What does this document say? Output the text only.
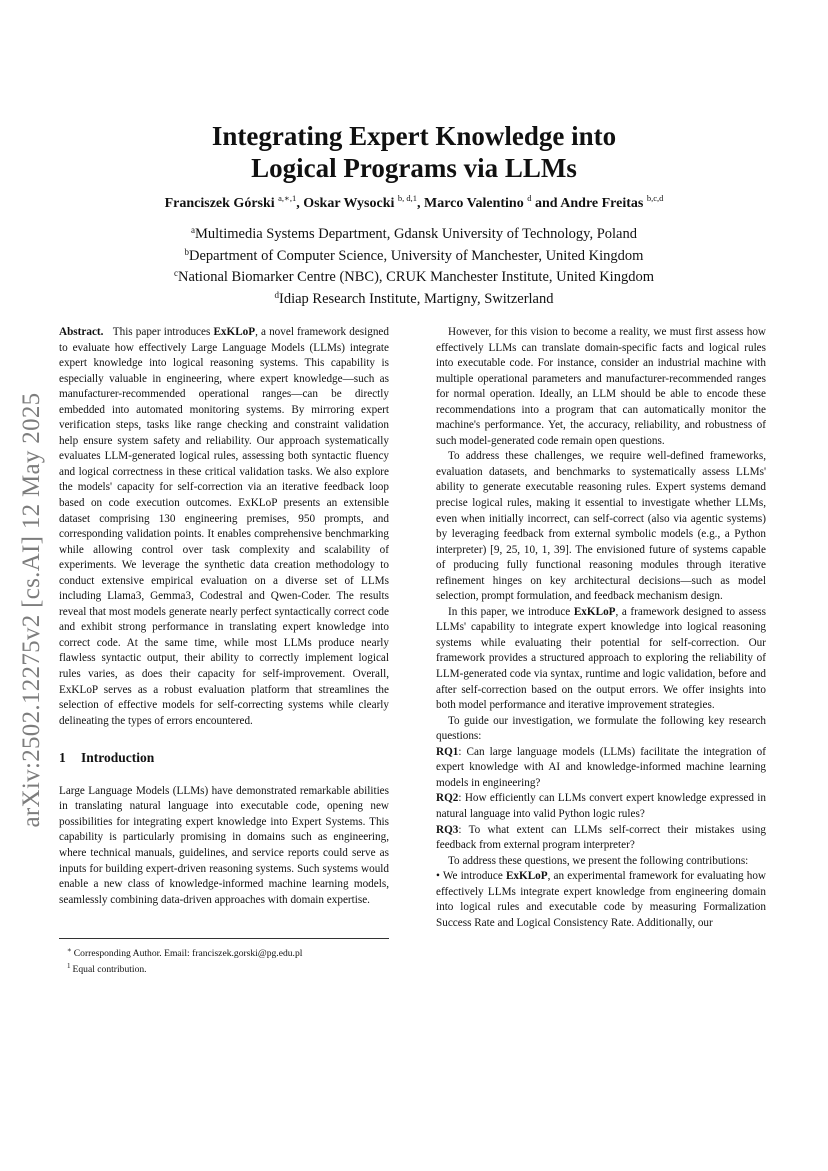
arXiv:2502.12275v2 [cs.AI] 12 May 2025
Integrating Expert Knowledge into
Logical Programs via LLMs
Franciszek Górski $^{a,∗,1}$, Oskar Wysocki $^{b, d,1}$, Marco Valentino $^d$ and Andre Freitas $^{b,c,d}$
$^a$Multimedia Systems Department, Gdansk University of Technology, Poland
$^b$Department of Computer Science, University of Manchester, United Kingdom
$^c$National Biomarker Centre (NBC), CRUK Manchester Institute, United Kingdom
$^d$Idiap Research Institute, Martigny, Switzerland

Abstract. This paper introduces ExKLoP, a novel framework designed to evaluate how effectively Large Language Models (LLMs) integrate expert knowledge into logical reasoning systems. This capability is especially valuable in engineering, where expert knowledge—such as manufacturer-recommended operational ranges—can be directly embedded into automated monitoring systems. By mirroring expert verification steps, tasks like range checking and constraint validation help ensure system safety and reliability. Our approach systematically evaluates LLM-generated logical rules, assessing both syntactic fluency and logical correctness in these critical validation tasks. We also explore the models' capacity for self-correction via an iterative feedback loop based on code execution outcomes. ExKLoP presents an extensible dataset comprising 130 engineering premises, 950 prompts, and corresponding validation points. It enables comprehensive benchmarking while allowing control over task complexity and scalability of experiments. We leverage the synthetic data creation methodology to conduct extensive empirical evaluation on a diverse set of LLMs including Llama3, Gemma3, Codestral and Qwen-Coder. The results reveal that most models generate nearly perfect syntactically correct code and exhibit strong performance in translating expert knowledge into correct code. At the same time, while most LLMs produce nearly flawless syntactic output, their ability to correctly implement logical rules varies, as does their capacity for self-improvement. Overall, ExKLoP serves as a robust evaluation platform that streamlines the selection of effective models for self-correcting systems while clearly delineating the types of errors encountered.

1 Introduction

Large Language Models (LLMs) have demonstrated remarkable abilities in translating natural language into executable code, opening new possibilities for integrating expert knowledge into Expert Systems. This capability is particularly promising in domains such as engineering, where technical manuals, guidelines, and service reports could serve as inputs for building expert-driven reasoning systems. Such systems would enable a new class of knowledge-informed machine learning models, seamlessly combining data-driven approaches with domain expertise.

∗ Corresponding Author. Email: franciszek.gorski@pg.edu.pl

$^1$ Equal contribution.

However, for this vision to become a reality, we must first assess how effectively LLMs can translate domain-specific facts and logical rules into executable code. For instance, consider an industrial machine with multiple operational parameters and manufacturer-recommended ranges for normal operation. Ideally, an LLM should be able to encode these recommendations into a program that can automatically monitor the machine's performance. Yet, the accuracy, reliability, and robustness of such model-generated code remain open questions.

To address these challenges, we require well-defined frameworks, evaluation datasets, and benchmarks to systematically assess LLMs' ability to generate executable reasoning rules. Expert systems demand precise logical rules, making it essential to investigate whether LLMs, even when initially incorrect, can self-correct (also via agentic systems) by leveraging feedback from external symbolic models (e.g., a Python interpreter) [9, 25, 10, 1, 39]. The envisioned future of systems capable of producing fully functional reasoning modules through iterative refinement hinges on key architectural decisions—such as model selection, prompt formulation, and feedback mechanism design.

In this paper, we introduce ExKLoP, a framework designed to assess LLMs' capability to integrate expert knowledge into logical reasoning systems while evaluating their potential for self-correction. Our framework provides a structured approach to exploring the reliability of LLM-generated code via syntax, runtime and logic validation, before and after self-correction based on the output errors. We offer insights into both model performance and iterative improvement strategies.

To guide our investigation, we formulate the following key research questions:

RQ1: Can large language models (LLMs) facilitate the integration of expert knowledge with AI and knowledge-informed machine learning models in engineering?

RQ2: How efficiently can LLMs convert expert knowledge expressed in natural language into valid Python logic rules?

RQ3: To what extent can LLMs self-correct their mistakes using feedback from external program interpreter?

To address these questions, we present the following contributions:

• We introduce ExKLoP, an experimental framework for evaluating how effectively LLMs integrate expert knowledge from engineering domain into logical rules and executable code by measuring Formalization Success Rate and Logical Consistency Rate. Additionally, our
